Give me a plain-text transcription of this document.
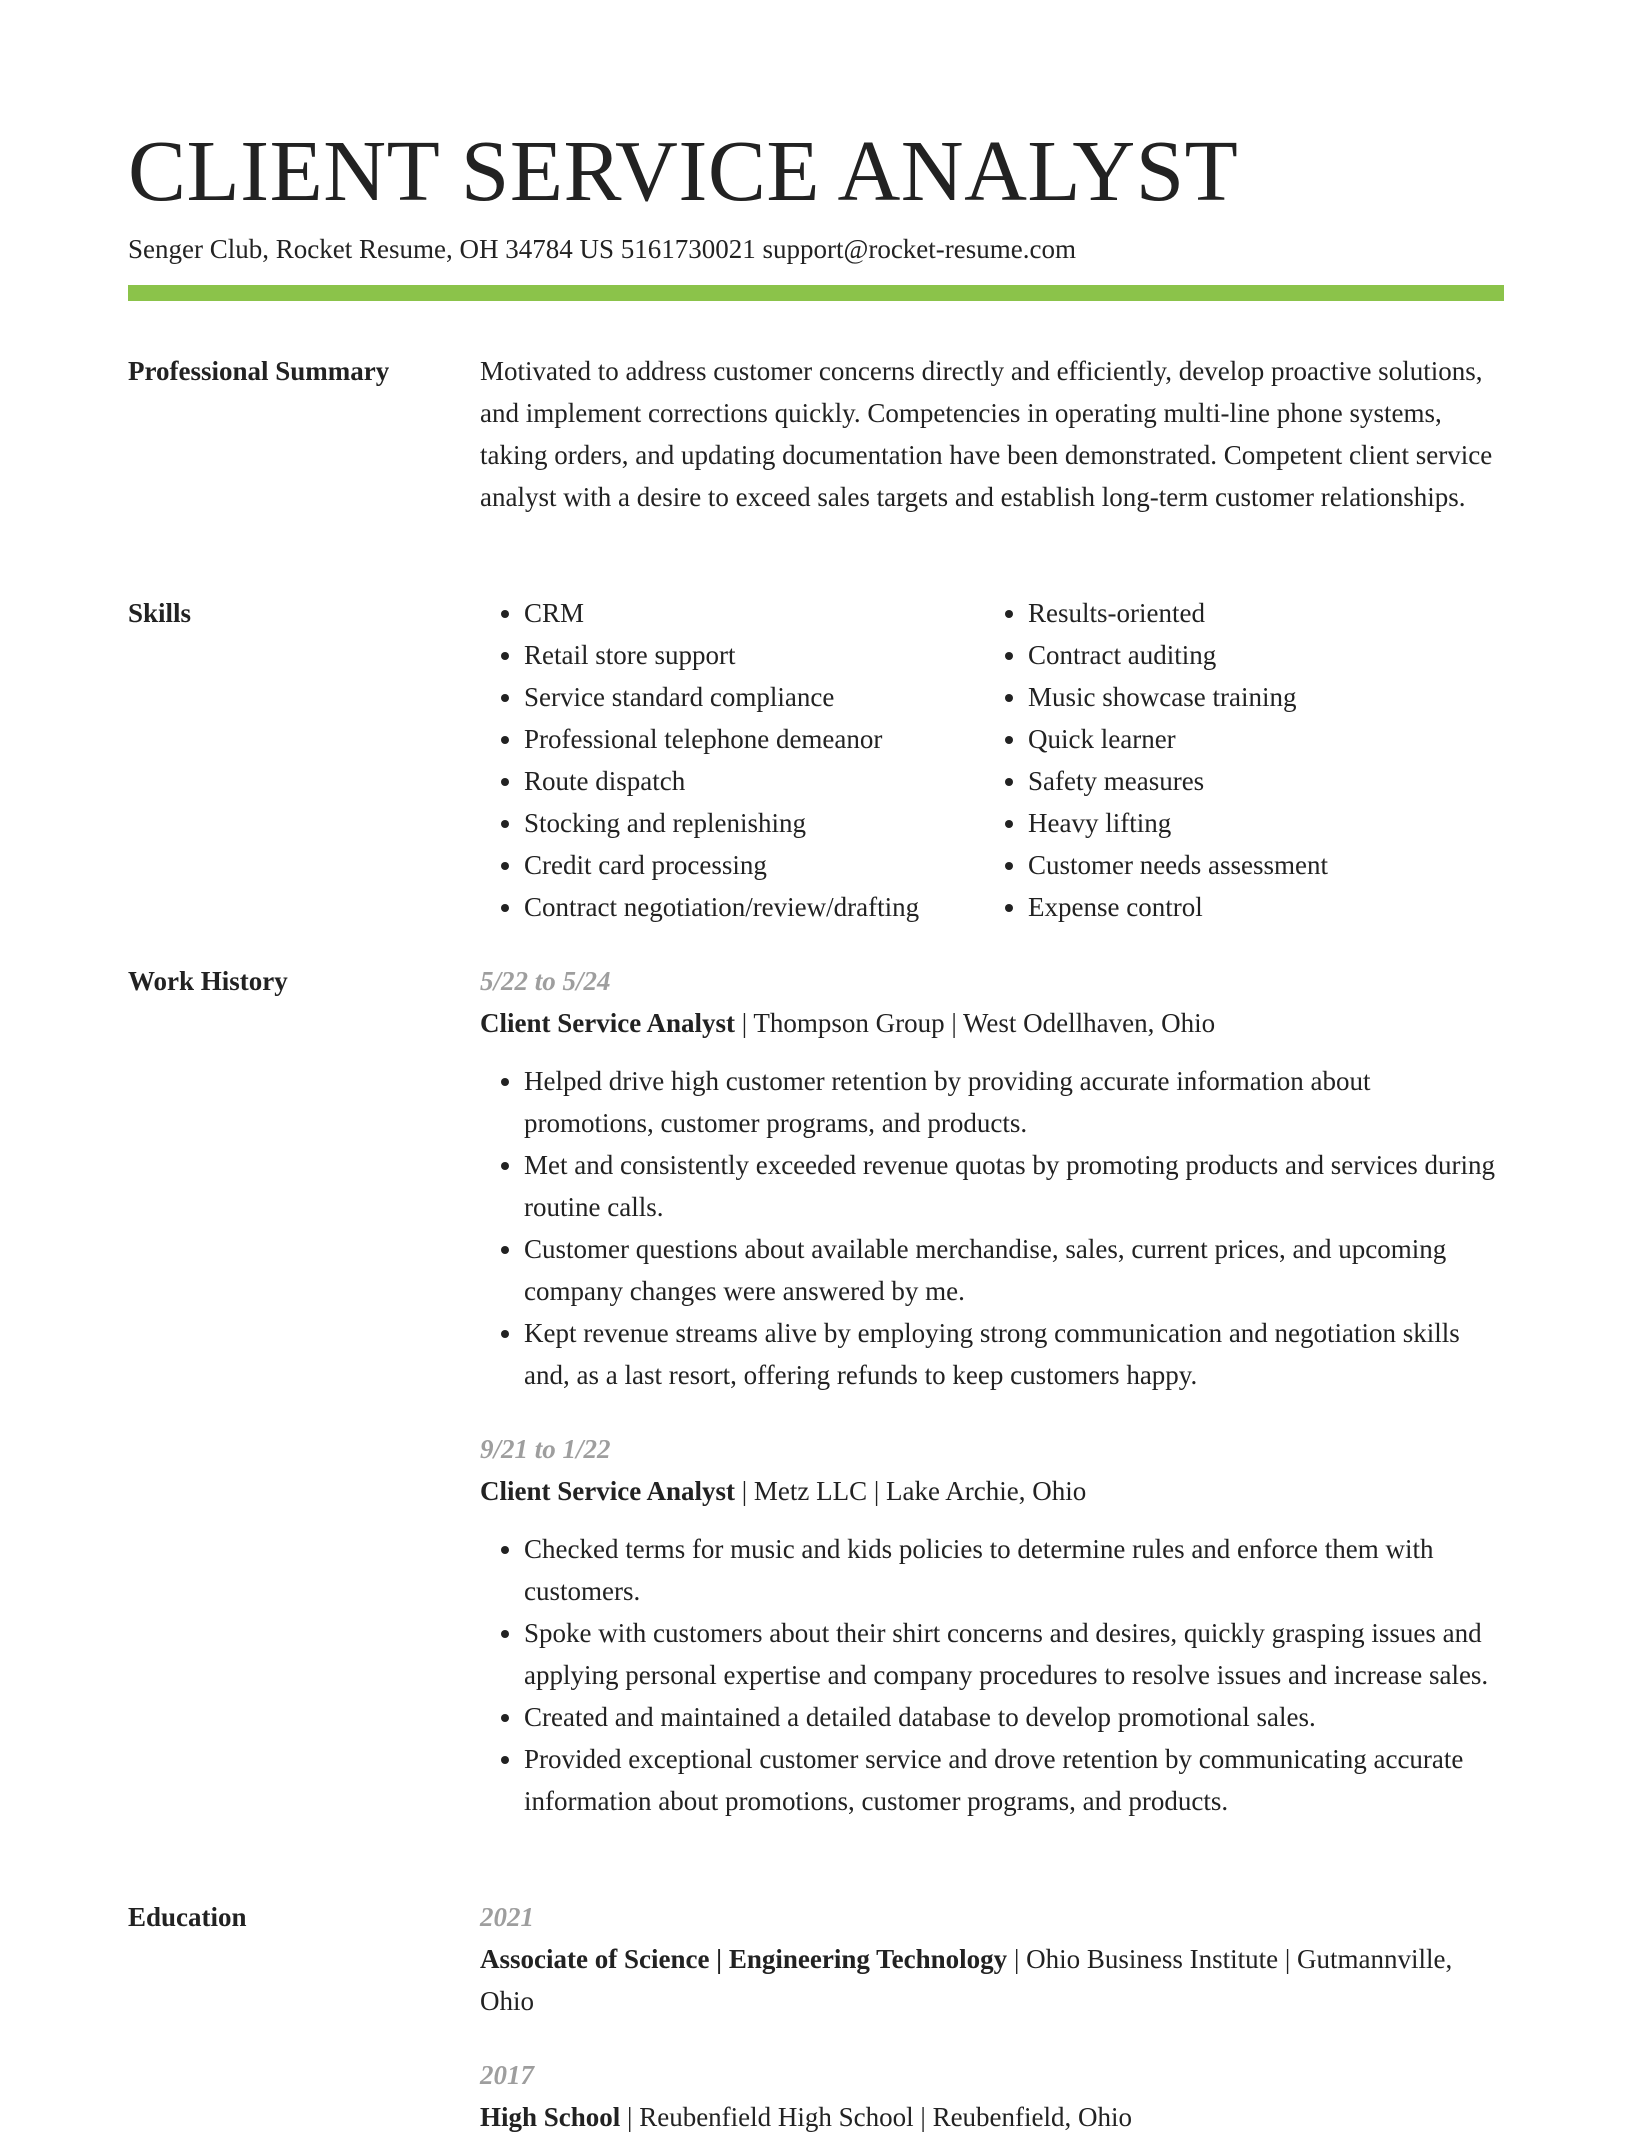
CLIENT SERVICE ANALYST
Senger Club, Rocket Resume, OH 34784 US 5161730021 support@rocket-resume.com
Professional Summary	Motivated to address customer concerns directly and efficiently, develop proactive solutions, and implement corrections quickly. Competencies in operating multi-line phone systems, taking orders, and updating documentation have been demonstrated. Competent client service analyst with a desire to exceed sales targets and establish long-term customer relationships.

Skills
•	CRM
• Retail store support
• Service standard compliance
• Professional telephone demeanor
• Route dispatch
• Stocking and replenishing
• Credit card processing
• Contract negotiation/review/drafting
• Results-oriented
• Contract auditing
• Music showcase training
• Quick learner
• Safety measures
• Heavy lifting
• Customer needs assessment
• Expense control
Work History	5/22 to 5/24

Client Service Analyst | Thompson Group | West Odellhaven, Ohio

• Helped drive high customer retention by providing accurate information about promotions, customer programs, and products.
• Met and consistently exceeded revenue quotas by promoting products and services during routine calls.
• Customer questions about available merchandise, sales, current prices, and upcoming company changes were answered by me.
• Kept revenue streams alive by employing strong communication and negotiation skills and, as a last resort, offering refunds to keep customers happy.

9/21 to 1/22

Client Service Analyst | Metz LLC | Lake Archie, Ohio

• Checked terms for music and kids policies to determine rules and enforce them with customers.
• Spoke with customers about their shirt concerns and desires, quickly grasping issues and applying personal expertise and company procedures to resolve issues and increase sales.
• Created and maintained a detailed database to develop promotional sales.
• Provided exceptional customer service and drove retention by communicating accurate information about promotions, customer programs, and products.
Education	2021

Associate of Science | Engineering Technology | Ohio Business Institute | Gutmannville, Ohio

2017

High School | Reubenfield High School | Reubenfield, Ohio
